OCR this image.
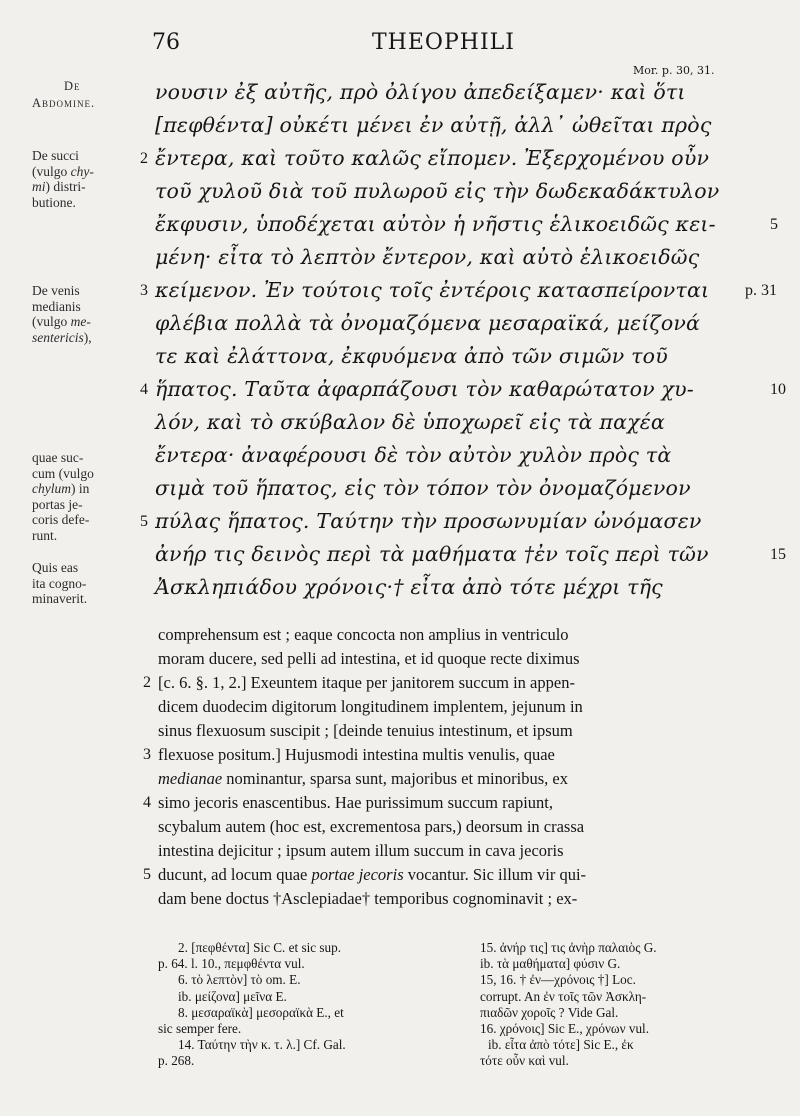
76	THEOPHILI
Mor. p. 30, 31.
De
Abdomine.
De succi
(vulgo chy-
mi) distri-
butione.
De venis
medianis
(vulgo me-
sentericis),
quae suc-
cum (vulgo
chylum) in
portas je-
coris defe-
runt.
Quis eas
ita cogno-
minaverit.
νουσιν ἐξ αὐτῆς, πρὸ ὀλίγου ἀπεδείξαμεν· καὶ ὅτι
[πεφθέντα] οὐκέτι μένει ἐν αὐτῇ, ἀλλ᾽ ὠθεῖται πρὸς
ἔντερα, καὶ τοῦτο καλῶς εἴπομεν. Ἐξερχομένου οὖν
τοῦ χυλοῦ διὰ τοῦ πυλωροῦ εἰς τὴν δωδεκαδάκτυλον
ἔκφυσιν, ὑποδέχεται αὐτὸν ἡ νῆστις ἑλικοειδῶς κει-
μένη· εἶτα τὸ λεπτὸν ἔντερον, καὶ αὐτὸ ἑλικοειδῶς
κείμενον. Ἐν τούτοις τοῖς ἐντέροις κατασπείρονται
φλέβια πολλὰ τὰ ὀνομαζόμενα μεσαραϊκά, μείζονά
τε καὶ ἐλάττονα, ἐκφυόμενα ἀπὸ τῶν σιμῶν τοῦ
ἥπατος. Ταῦτα ἀφαρπάζουσι τὸν καθαρώτατον χυ-
λόν, καὶ τὸ σκύβαλον δὲ ὑποχωρεῖ εἰς τὰ παχέα
ἔντερα· ἀναφέρουσι δὲ τὸν αὐτὸν χυλὸν πρὸς τὰ
σιμὰ τοῦ ἥπατος, εἰς τὸν τόπον τὸν ὀνομαζόμενον
πύλας ἥπατος. Ταύτην τὴν προσωνυμίαν ὠνόμασεν
ἀνήρ τις δεινὸς περὶ τὰ μαθήματα †ἐν τοῖς περὶ τῶν
Ἀσκληπιάδου χρόνοις·† εἶτα ἀπὸ τότε μέχρι τῆς
2
3
4
5
5
10
15
p. 31
comprehensum est ; eaque concocta non amplius in ventriculo
moram ducere, sed pelli ad intestina, et id quoque recte diximus
[c. 6. §. 1, 2.] Exeuntem itaque per janitorem succum in appen-
dicem duodecim digitorum longitudinem implentem, jejunum in
sinus flexuosum suscipit ; [deinde tenuius intestinum, et ipsum
flexuose positum.] Hujusmodi intestina multis venulis, quae
medianae nominantur, sparsa sunt, majoribus et minoribus, ex
simo jecoris enascentibus. Hae purissimum succum rapiunt,
scybalum autem (hoc est, excrementosa pars,) deorsum in crassa
intestina dejicitur ; ipsum autem illum succum in cava jecoris
ducunt, ad locum quae portae jecoris vocantur. Sic illum vir qui-
dam bene doctus †Asclepiadae† temporibus cognominavit ; ex-
2
3
4
5
2. [πεφθέντα] Sic C. et sic sup.
p. 64. l. 10., πεμφθέντα vul.
6. τὸ λεπτὸν] τὸ om. E.
ib. μείζονα] μεῖνα E.
8. μεσαραϊκὰ] μεσοραϊκὰ E., et
sic semper fere.
14. Ταύτην τὴν κ. τ. λ.] Cf. Gal.
p. 268.
15. ἀνήρ τις] τις ἀνὴρ παλαιὸς G.
ib. τὰ μαθήματα] φύσιν G.
15, 16. † ἐν—χρόνοις †] Loc.
corrupt. An ἐν τοῖς τῶν Ἀσκλη-
πιαδῶν χοροῖς ? Vide Gal.
16. χρόνοις] Sic E., χρόνων vul.
ib. εἶτα ἀπὸ τότε] Sic E., ἐκ
τότε οὖν καὶ vul.
